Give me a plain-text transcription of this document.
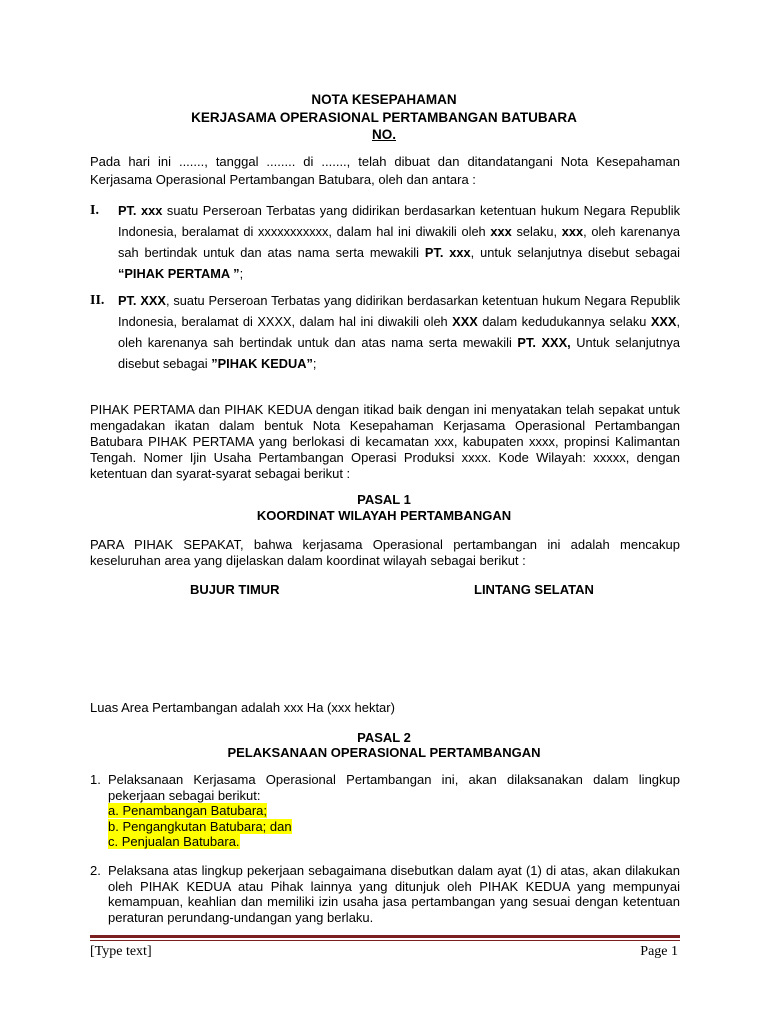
NOTA KESEPAHAMAN
KERJASAMA OPERASIONAL PERTAMBANGAN BATUBARA
NO.
Pada hari ini ......., tanggal ........ di ......., telah dibuat dan ditandatangani Nota Kesepahaman Kerjasama Operasional Pertambangan Batubara, oleh dan antara :
I. PT. xxx suatu Perseroan Terbatas yang didirikan berdasarkan ketentuan hukum Negara Republik Indonesia, beralamat di xxxxxxxxxxx, dalam hal ini diwakili oleh xxx selaku, xxx, oleh karenanya sah bertindak untuk dan atas nama serta mewakili PT. xxx, untuk selanjutnya disebut sebagai “PIHAK PERTAMA ”;
II. PT. XXX, suatu Perseroan Terbatas yang didirikan berdasarkan ketentuan hukum Negara Republik Indonesia, beralamat di XXXX, dalam hal ini diwakili oleh XXX dalam kedudukannya selaku XXX, oleh karenanya sah bertindak untuk dan atas nama serta mewakili PT. XXX, Untuk selanjutnya disebut sebagai ”PIHAK KEDUA”;
PIHAK PERTAMA dan PIHAK KEDUA dengan itikad baik dengan ini menyatakan telah sepakat untuk mengadakan ikatan dalam bentuk Nota Kesepahaman Kerjasama Operasional Pertambangan Batubara PIHAK PERTAMA yang berlokasi di kecamatan xxx, kabupaten xxxx, propinsi Kalimantan Tengah. Nomer Ijin Usaha Pertambangan Operasi Produksi xxxx. Kode Wilayah: xxxxx, dengan ketentuan dan syarat-syarat sebagai berikut :
PASAL 1
KOORDINAT WILAYAH PERTAMBANGAN
PARA PIHAK SEPAKAT, bahwa kerjasama Operasional pertambangan ini adalah mencakup keseluruhan area yang dijelaskan dalam koordinat wilayah sebagai berikut :
BUJUR TIMUR	LINTANG SELATAN
Luas Area Pertambangan adalah xxx Ha (xxx hektar)
PASAL 2
PELAKSANAAN OPERASIONAL PERTAMBANGAN
1. Pelaksanaan Kerjasama Operasional Pertambangan ini, akan dilaksanakan dalam lingkup pekerjaan sebagai berikut:
a. Penambangan Batubara;
b. Pengangkutan Batubara; dan
c. Penjualan Batubara.
2. Pelaksana atas lingkup pekerjaan sebagaimana disebutkan dalam ayat (1) di atas, akan dilakukan oleh PIHAK KEDUA atau Pihak lainnya yang ditunjuk oleh PIHAK KEDUA yang mempunyai kemampuan, keahlian dan memiliki izin usaha jasa pertambangan yang sesuai dengan ketentuan peraturan perundang-undangan yang berlaku.
[Type text]	Page 1
